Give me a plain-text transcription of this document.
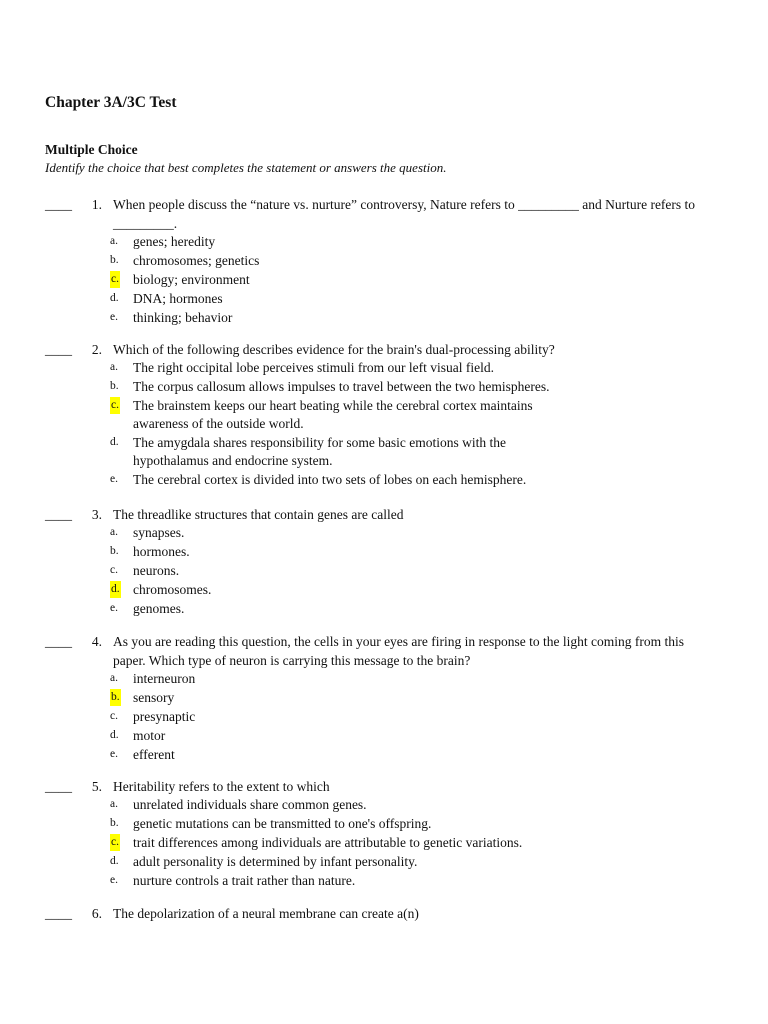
Chapter 3A/3C Test
Multiple Choice
Identify the choice that best completes the statement or answers the question.
____	1. When people discuss the “nature vs. nurture” controversy, Nature refers to _________ and Nurture refers to _________.
a. genes; heredity
b. chromosomes; genetics
c. biology; environment
d. DNA; hormones
e. thinking; behavior
____	2. Which of the following describes evidence for the brain's dual-processing ability?
a. The right occipital lobe perceives stimuli from our left visual field.
b. The corpus callosum allows impulses to travel between the two hemispheres.
c. The brainstem keeps our heart beating while the cerebral cortex maintains awareness of the outside world.
d. The amygdala shares responsibility for some basic emotions with the hypothalamus and endocrine system.
e. The cerebral cortex is divided into two sets of lobes on each hemisphere.
____	3. The threadlike structures that contain genes are called
a. synapses.
b. hormones.
c. neurons.
d. chromosomes.
e. genomes.
____	4. As you are reading this question, the cells in your eyes are firing in response to the light coming from this paper. Which type of neuron is carrying this message to the brain?
a. interneuron
b. sensory
c. presynaptic
d. motor
e. efferent
____	5. Heritability refers to the extent to which
a. unrelated individuals share common genes.
b. genetic mutations can be transmitted to one's offspring.
c. trait differences among individuals are attributable to genetic variations.
d. adult personality is determined by infant personality.
e. nurture controls a trait rather than nature.
____	6. The depolarization of a neural membrane can create a(n)
